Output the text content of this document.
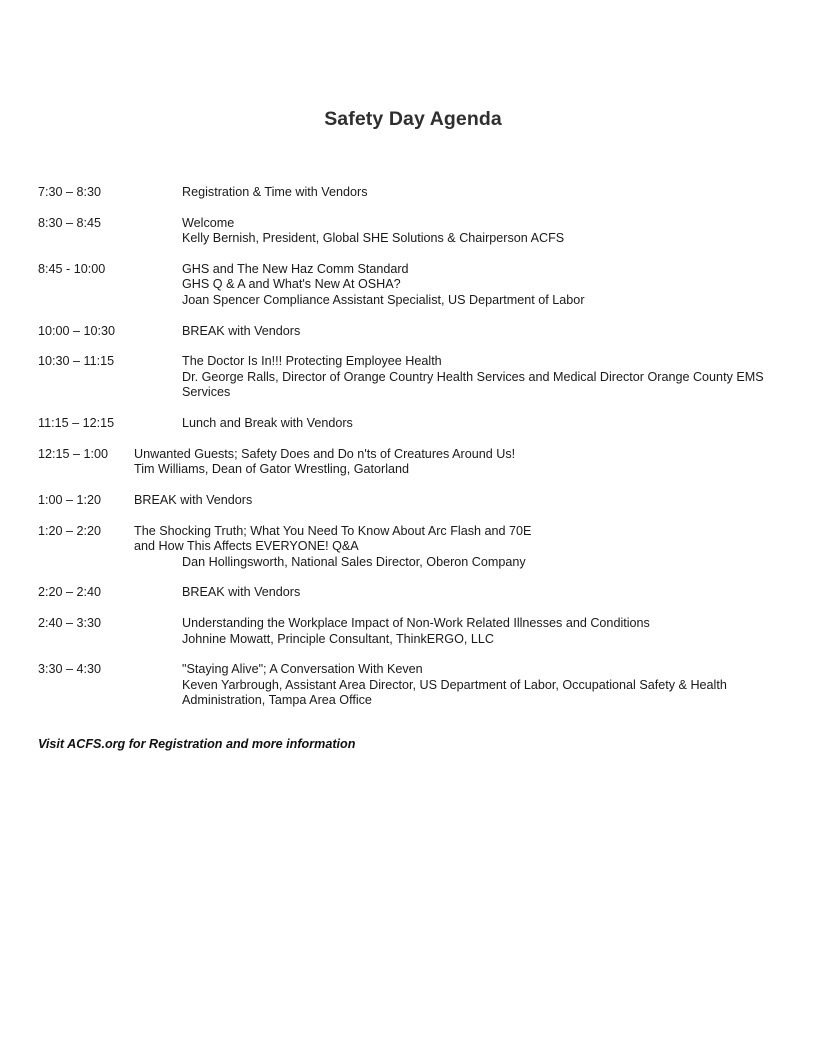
Safety Day Agenda
7:30 – 8:30	Registration & Time with Vendors
8:30 – 8:45	Welcome
Kelly Bernish, President, Global SHE Solutions & Chairperson ACFS
8:45 - 10:00	GHS and The New Haz Comm Standard
GHS Q & A and What's New At OSHA?
Joan Spencer Compliance Assistant Specialist, US Department of Labor
10:00 – 10:30	BREAK with Vendors
10:30 – 11:15	The Doctor Is In!!! Protecting Employee Health
Dr. George Ralls, Director of Orange Country Health Services and Medical Director Orange County EMS Services
11:15 – 12:15	Lunch and Break with Vendors
12:15 – 1:00	Unwanted Guests; Safety Does and Do n'ts of Creatures Around Us!
Tim Williams, Dean of Gator Wrestling, Gatorland
1:00 – 1:20	BREAK with Vendors
1:20 – 2:20	The Shocking Truth; What You Need To Know About Arc Flash and 70E
and How This Affects EVERYONE! Q&A
Dan Hollingsworth, National Sales Director, Oberon Company
2:20 – 2:40	BREAK with Vendors
2:40 – 3:30	Understanding the Workplace Impact of Non-Work Related Illnesses and Conditions
Johnine Mowatt, Principle Consultant, ThinkERGO, LLC
3:30 – 4:30	"Staying Alive"; A Conversation With Keven
Keven Yarbrough, Assistant Area Director, US Department of Labor, Occupational Safety & Health Administration, Tampa Area Office
Visit ACFS.org for Registration and more information
